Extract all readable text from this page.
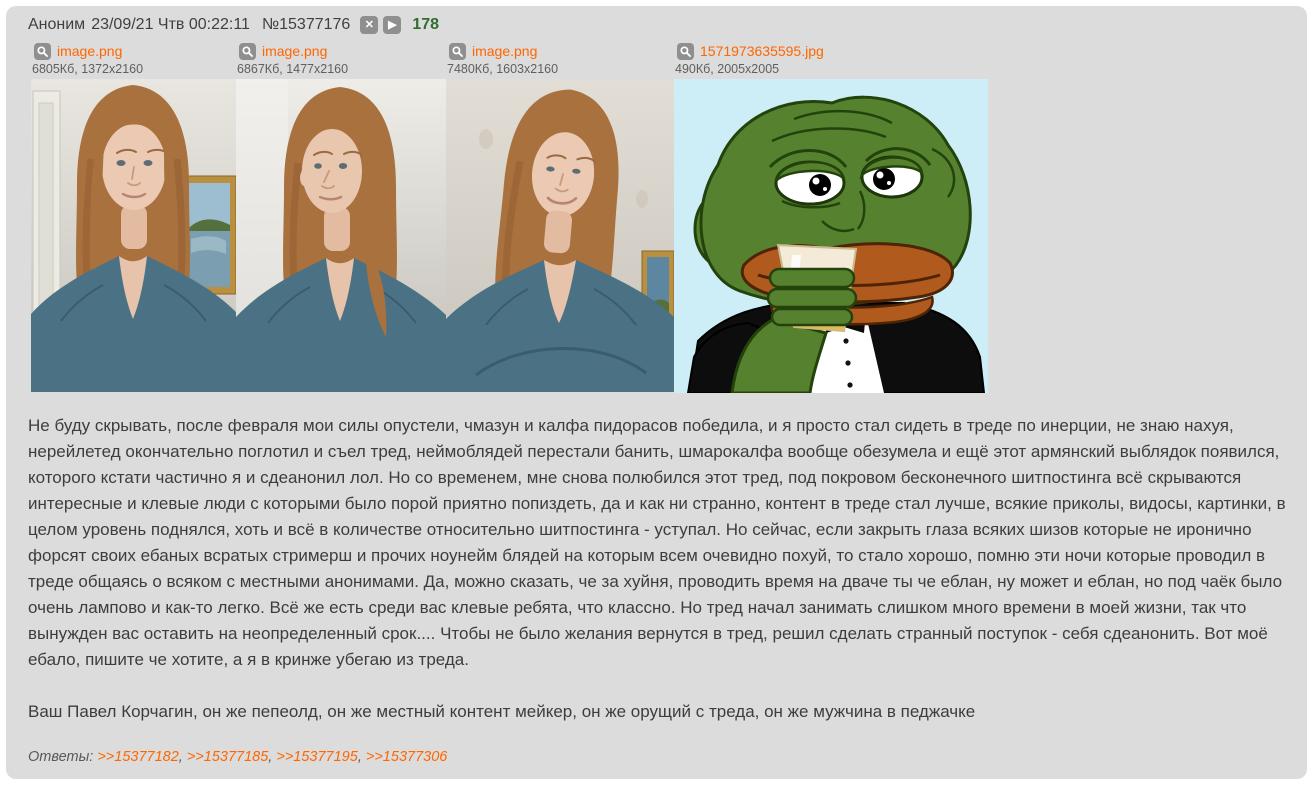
Аноним 23/09/21 Чтв 00:22:11 №15377176 ✕ ▶ 178
image.png
6805Кб, 1372x2160
image.png
6867Кб, 1477x2160
image.png
7480Кб, 1603x2160
1571973635595.jpg
490Кб, 2005x2005

Не буду скрывать, после февраля мои силы опустели, чмазун и калфа пидорасов победила, и я просто стал сидеть в треде по инерции, не знаю нахуя, нерейлетед окончательно поглотил и съел тред, неймоблядей перестали банить, шмарокалфа вообще обезумела и ещё этот армянский выблядок появился, которого кстати частично я и сдеанонил лол. Но со временем, мне снова полюбился этот тред, под покровом бесконечного шитпостинга всё скрываются интересные и клевые люди с которыми было порой приятно попиздеть, да и как ни странно, контент в треде стал лучше, всякие приколы, видосы, картинки, в целом уровень поднялся, хоть и всё в количестве относительно шитпостинга - уступал. Но сейчас, если закрыть глаза всяких шизов которые не иронично форсят своих ебаных всратых стримерш и прочих ноунейм блядей на которым всем очевидно похуй, то стало хорошо, помню эти ночи которые проводил в треде общаясь о всяком с местными анонимами. Да, можно сказать, че за хуйня, проводить время на дваче ты че еблан, ну может и еблан, но под чаёк было очень лампово и как-то легко. Всё же есть среди вас клевые ребята, что классно. Но тред начал занимать слишком много времени в моей жизни, так что вынужден вас оставить на неопределенный срок.... Чтобы не было желания вернутся в тред, решил сделать странный поступок - себя сдеанонить. Вот моё ебало, пишите че хотите, а я в кринже убегаю из треда.

Ваш Павел Корчагин, он же пепеолд, он же местный контент мейкер, он же орущий с треда, он же мужчина в педжачке

Ответы: >>15377182, >>15377185, >>15377195, >>15377306
